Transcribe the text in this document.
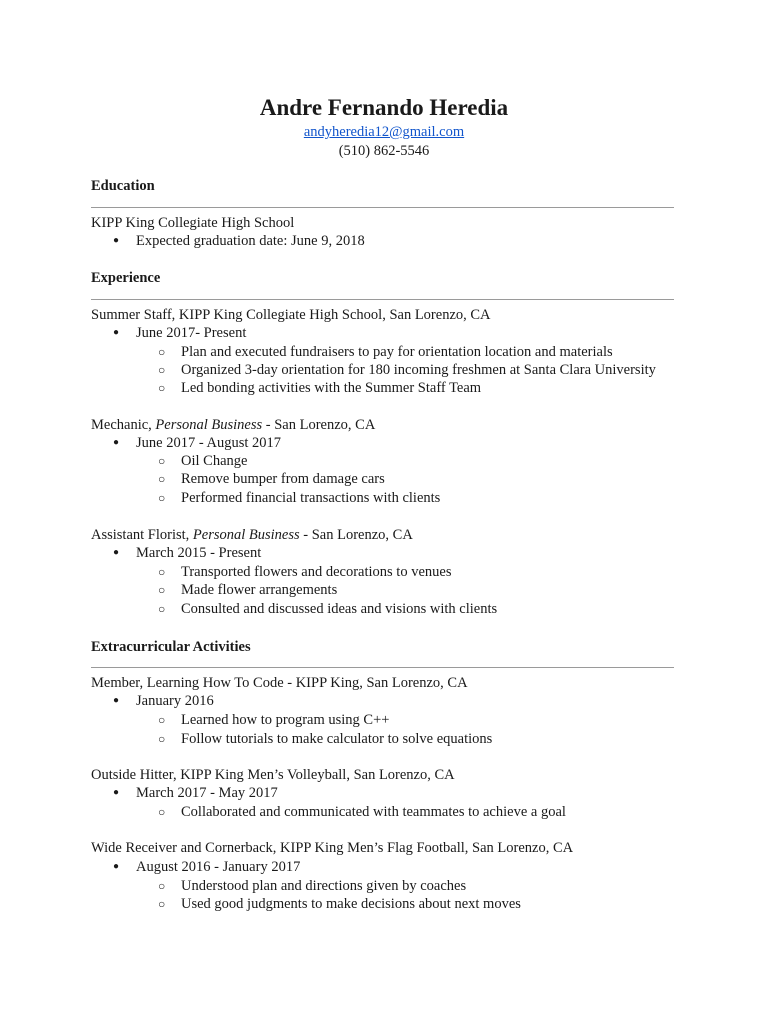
Andre Fernando Heredia
andyheredia12@gmail.com
(510) 862-5546
Education
KIPP King Collegiate High School
● Expected graduation date: June 9, 2018
Experience
Summer Staff, KIPP King Collegiate High School, San Lorenzo, CA
● June 2017- Present
○ Plan and executed fundraisers to pay for orientation location and materials
○ Organized 3-day orientation for 180 incoming freshmen at Santa Clara University
○ Led bonding activities with the Summer Staff Team
Mechanic, Personal Business - San Lorenzo, CA
● June 2017 - August 2017
○ Oil Change
○ Remove bumper from damage cars
○ Performed financial transactions with clients
Assistant Florist, Personal Business - San Lorenzo, CA
● March 2015 - Present
○ Transported flowers and decorations to venues
○ Made flower arrangements
○ Consulted and discussed ideas and visions with clients
Extracurricular Activities
Member, Learning How To Code - KIPP King, San Lorenzo, CA
● January 2016
○ Learned how to program using C++
○ Follow tutorials to make calculator to solve equations
Outside Hitter, KIPP King Men’s Volleyball, San Lorenzo, CA
● March 2017 - May 2017
○ Collaborated and communicated with teammates to achieve a goal
Wide Receiver and Cornerback, KIPP King Men’s Flag Football, San Lorenzo, CA
● August 2016 - January 2017
○ Understood plan and directions given by coaches
○ Used good judgments to make decisions about next moves
